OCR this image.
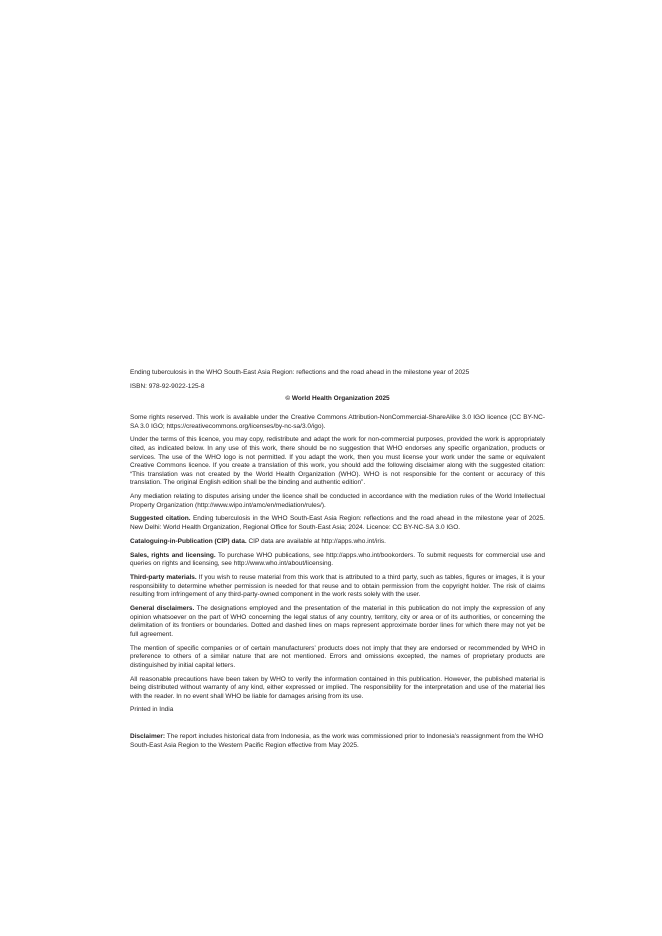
Ending tuberculosis in the WHO South-East Asia Region: reflections and the road ahead in the milestone year of 2025

ISBN: 978-92-9022-125-8

© World Health Organization 2025

Some rights reserved. This work is available under the Creative Commons Attribution-NonCommercial-ShareAlike 3.0 IGO licence (CC BY-NC-SA 3.0 IGO; https://creativecommons.org/licenses/by-nc-sa/3.0/igo).

Under the terms of this licence, you may copy, redistribute and adapt the work for non-commercial purposes, provided the work is appropriately cited, as indicated below. In any use of this work, there should be no suggestion that WHO endorses any specific organization, products or services. The use of the WHO logo is not permitted. If you adapt the work, then you must license your work under the same or equivalent Creative Commons licence. If you create a translation of this work, you should add the following disclaimer along with the suggested citation: “This translation was not created by the World Health Organization (WHO). WHO is not responsible for the content or accuracy of this translation. The original English edition shall be the binding and authentic edition”.

Any mediation relating to disputes arising under the licence shall be conducted in accordance with the mediation rules of the World Intellectual Property Organization (http://www.wipo.int/amc/en/mediation/rules/).

Suggested citation. Ending tuberculosis in the WHO South-East Asia Region: reflections and the road ahead in the milestone year of 2025. New Delhi: World Health Organization, Regional Office for South-East Asia; 2024. Licence: CC BY-NC-SA 3.0 IGO.

Cataloguing-in-Publication (CIP) data. CIP data are available at http://apps.who.int/iris.

Sales, rights and licensing. To purchase WHO publications, see http://apps.who.int/bookorders. To submit requests for commercial use and queries on rights and licensing, see http://www.who.int/about/licensing.

Third-party materials. If you wish to reuse material from this work that is attributed to a third party, such as tables, figures or images, it is your responsibility to determine whether permission is needed for that reuse and to obtain permission from the copyright holder. The risk of claims resulting from infringement of any third-party-owned component in the work rests solely with the user.

General disclaimers. The designations employed and the presentation of the material in this publication do not imply the expression of any opinion whatsoever on the part of WHO concerning the legal status of any country, territory, city or area or of its authorities, or concerning the delimitation of its frontiers or boundaries. Dotted and dashed lines on maps represent approximate border lines for which there may not yet be full agreement.

The mention of specific companies or of certain manufacturers’ products does not imply that they are endorsed or recommended by WHO in preference to others of a similar nature that are not mentioned. Errors and omissions excepted, the names of proprietary products are distinguished by initial capital letters.

All reasonable precautions have been taken by WHO to verify the information contained in this publication. However, the published material is being distributed without warranty of any kind, either expressed or implied. The responsibility for the interpretation and use of the material lies with the reader. In no event shall WHO be liable for damages arising from its use.

Printed in India

Disclaimer: The report includes historical data from Indonesia, as the work was commissioned prior to Indonesia’s reassignment from the WHO South-East Asia Region to the Western Pacific Region effective from May 2025.
